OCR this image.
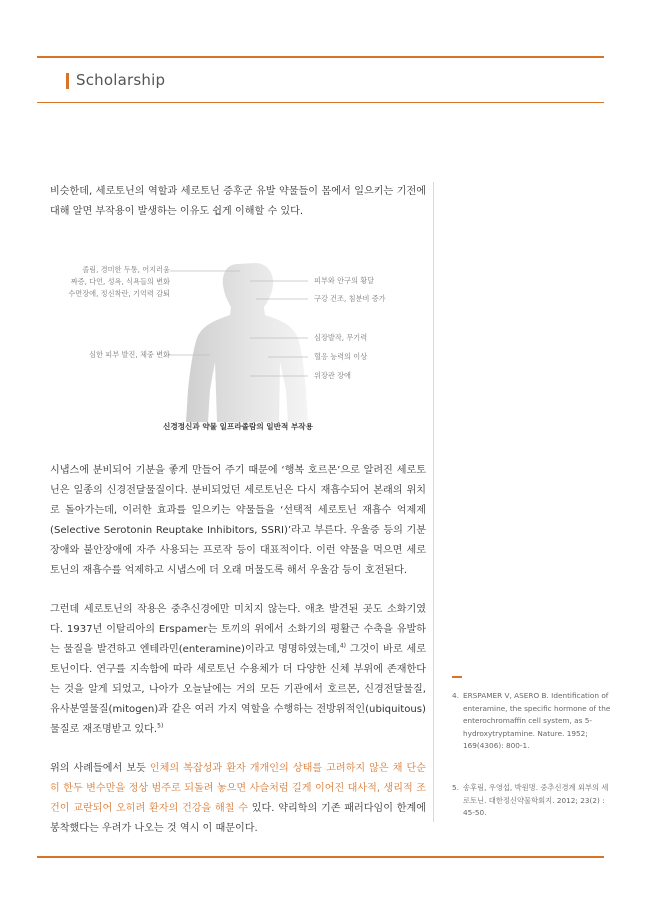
Scholarship

비슷한데, 세로토닌의 역할과 세로토닌 증후군 유발 약물들이 몸에서 일으키는 기전에 대해 알면 부작용이 발생하는 이유도 쉽게 이해할 수 있다.

졸림, 경미한 두통, 어지러움
짜증, 다언, 성욕, 식욕들의 변화
수면장애, 정신착란, 기억력 감퇴
심한 피부 발진, 체중 변화
피부와 안구의 황달
구강 건조, 침분비 증가
심장발작, 무기력
혈응 능력의 이상
위장관 장애
신경정신과 약물 일프라졸람의 일반적 부작용

시냅스에 분비되어 기분을 좋게 만들어 주기 때문에 ‘행복 호르몬’으로 알려진 세로토닌은 일종의 신경전달물질이다. 분비되었던 세로토닌은 다시 재흡수되어 본래의 위치로 돌아가는데, 이러한 효과를 일으키는 약물들을 ‘선택적 세로토닌 재흡수 억제제(Selective Serotonin Reuptake Inhibitors, SSRI)’라고 부른다. 우울증 등의 기분장애와 불안장애에 자주 사용되는 프로작 등이 대표적이다. 이런 약물을 먹으면 세로토닌의 재흡수를 억제하고 시냅스에 더 오래 머물도록 해서 우울감 등이 호전된다.

그런데 세로토닌의 작용은 중추신경에만 미치지 않는다. 애초 발견된 곳도 소화기였다. 1937년 이탈리아의 Erspamer는 토끼의 위에서 소화기의 평활근 수축을 유발하는 물질을 발견하고 엔테라민(enteramine)이라고 명명하였는데,$^{4)}$ 그것이 바로 세로토닌이다. 연구를 지속함에 따라 세로토닌 수용체가 더 다양한 신체 부위에 존재한다는 것을 알게 되었고, 나아가 오늘날에는 거의 모든 기관에서 호르몬, 신경전달물질, 유사분열물질(mitogen)과 같은 여러 가지 역할을 수행하는 전방위적인(ubiquitous) 물질로 재조명받고 있다.$^{5)}$

위의 사례들에서 보듯 인체의 복잡성과 환자 개개인의 상태를 고려하지 않은 채 단순히 한두 변수만을 정상 범주로 되돌려 놓으면 사슬처럼 길게 이어진 대사적, 생리적 조건이 교란되어 오히려 환자의 건강을 해칠 수 있다. 약리학의 기존 패러다임이 한계에 봉착했다는 우려가 나오는 것 역시 이 때문이다.

4. ERSPAMER V, ASERO B. Identification of enteramine, the specific hormone of the enterochromaffin cell system, as 5-hydroxytryptamine. Nature. 1952; 169(4306): 800-1.

5. 송후림, 우영섭, 박원명. 중추신경계 외부의 세로토닌. 대한정신약물학회지. 2012; 23(2) : 45-50.
